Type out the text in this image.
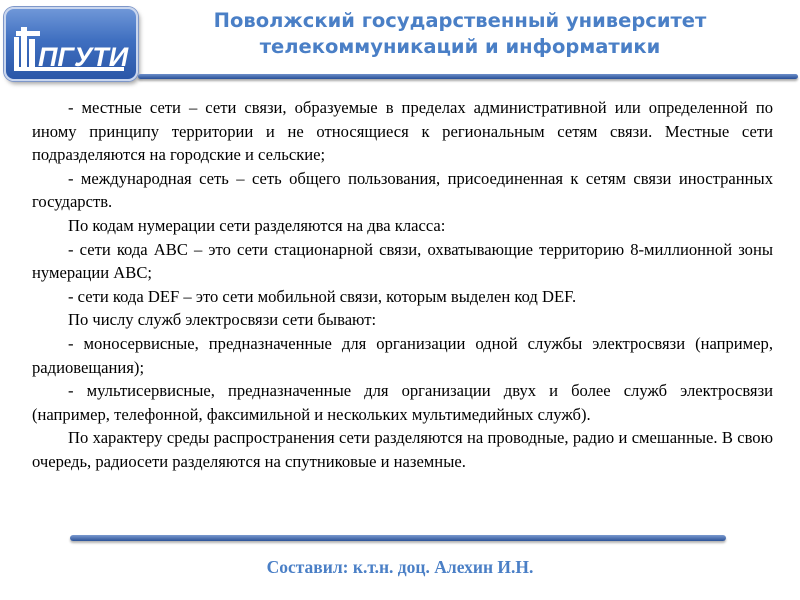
ПГУТИ
Поволжский государственный университет
телекоммуникаций и информатики

- местные сети – сети связи, образуемые в пределах административной или определенной по иному принципу территории и не относящиеся к региональным сетям связи. Местные сети подразделяются на городские и сельские;

- международная сеть – сеть общего пользования, присоединенная к сетям связи иностранных государств.

По кодам нумерации сети разделяются на два класса:

- сети кода АВС – это сети стационарной связи, охватывающие территорию 8-миллионной зоны нумерации АВС;

- сети кода DEF – это сети мобильной связи, которым выделен код DEF.

По числу служб электросвязи сети бывают:

- моносервисные, предназначенные для организации одной службы электросвязи (например, радиовещания);

- мультисервисные, предназначенные для организации двух и более служб электросвязи (например, телефонной, факсимильной и нескольких мультимедийных служб).

По характеру среды распространения сети разделяются на проводные, радио и смешанные. В свою очередь, радиосети разделяются на спутниковые и наземные.

Составил: к.т.н. доц. Алехин И.Н.
